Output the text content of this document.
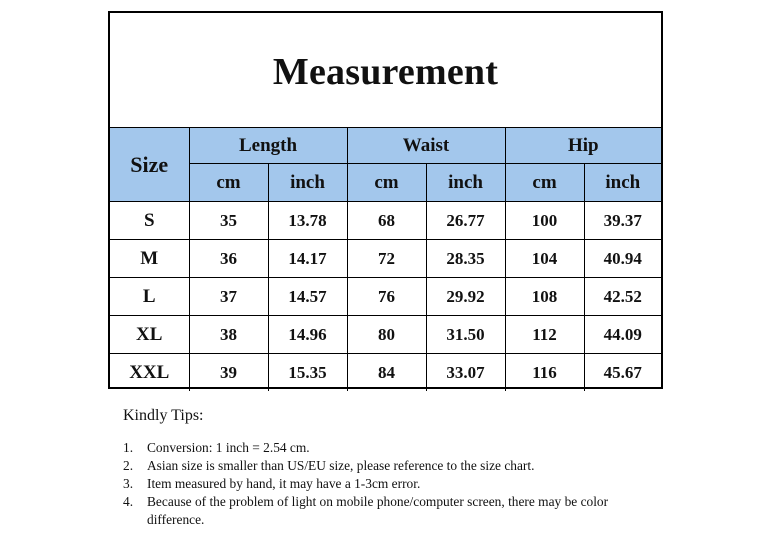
Measurement
Size	Length		Waist		Hip	
	cm	inch	cm	inch	cm	inch
S	35	13.78	68	26.77	100	39.37
M	36	14.17	72	28.35	104	40.94
L	37	14.57	76	29.92	108	42.52
XL	38	14.96	80	31.50	112	44.09
XXL	39	15.35	84	33.07	116	45.67
Kindly Tips:
1.	Conversion: 1 inch = 2.54 cm.
2.	Asian size is smaller than US/EU size, please reference to the size chart.
3.	Item measured by hand, it may have a 1-3cm error.
4.	Because of the problem of light on mobile phone/computer screen, there may be color difference.
